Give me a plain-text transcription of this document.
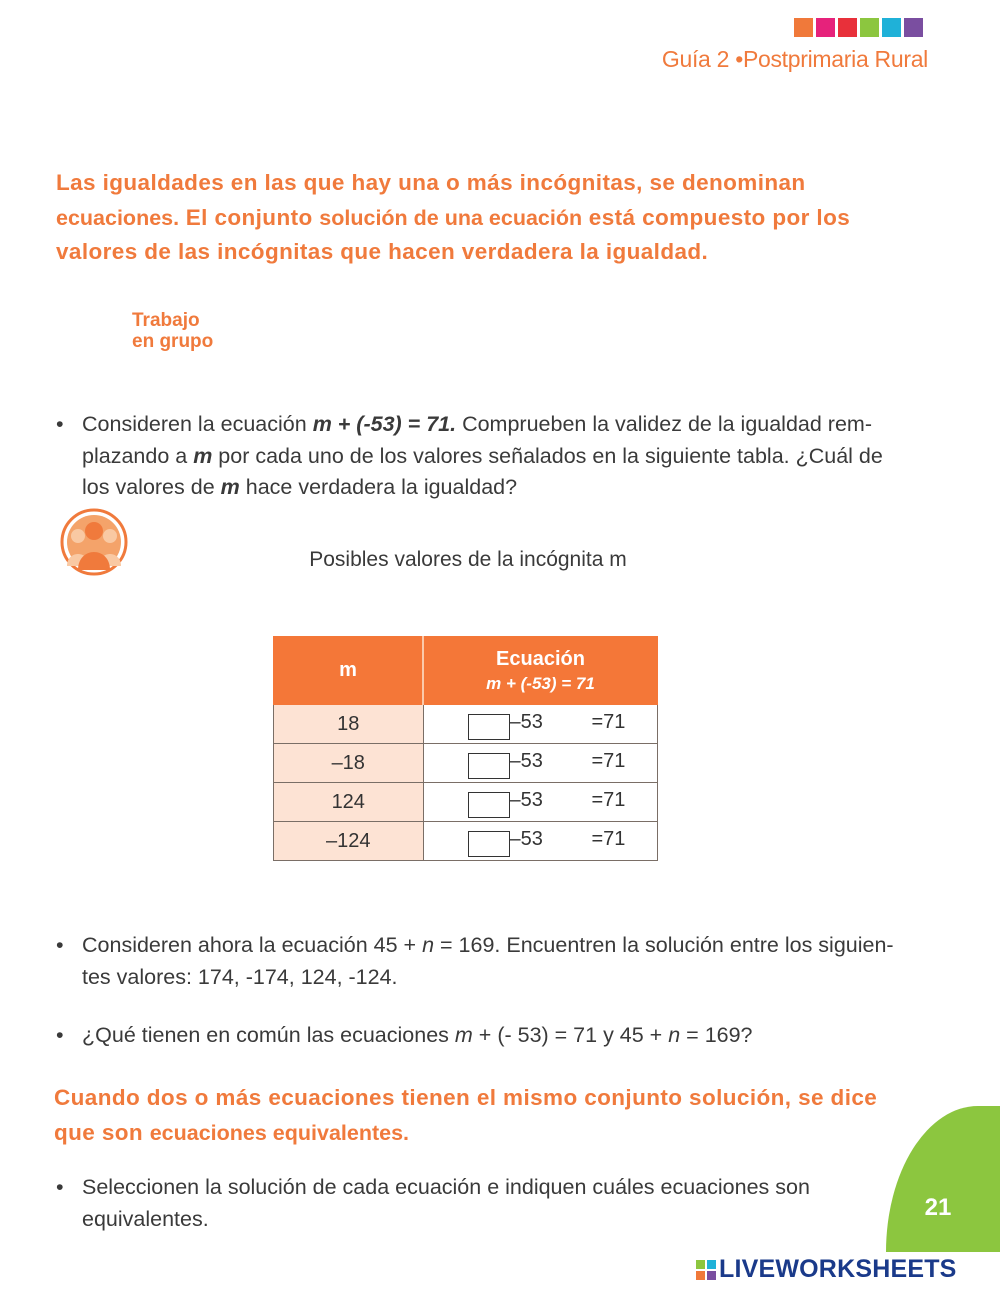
Guía 2 •Postprimaria Rural

Las igualdades en las que hay una o más incógnitas, se denominan ecuaciones. El conjunto solución de una ecuación está compuesto por los valores de las incógnitas que hacen verdadera la igualdad.

Trabajo
en grupo
• Consideren la ecuación m + (-53) = 71. Comprueben la validez de la igualdad rem-plazando a m por cada uno de los valores señalados en la siguiente tabla. ¿Cuál de los valores de m hace verdadera la igualdad?
Posibles valores de la incógnita m
m	Ecuación
m + (-53) = 71

18	–53 =71

–18	–53 =71

124	–53 =71

–124	–53 =71
• Consideren ahora la ecuación 45 + n = 169. Encuentren la solución entre los siguien-tes valores: 174, -174, 124, -124.
• ¿Qué tienen en común las ecuaciones m + (- 53) = 71 y 45 + n = 169?

Cuando dos o más ecuaciones tienen el mismo conjunto solución, se dice que son ecuaciones equivalentes.

• Seleccionen la solución de cada ecuación e indiquen cuáles ecuaciones son equivalentes.	21
LIVEWORKSHEETS
